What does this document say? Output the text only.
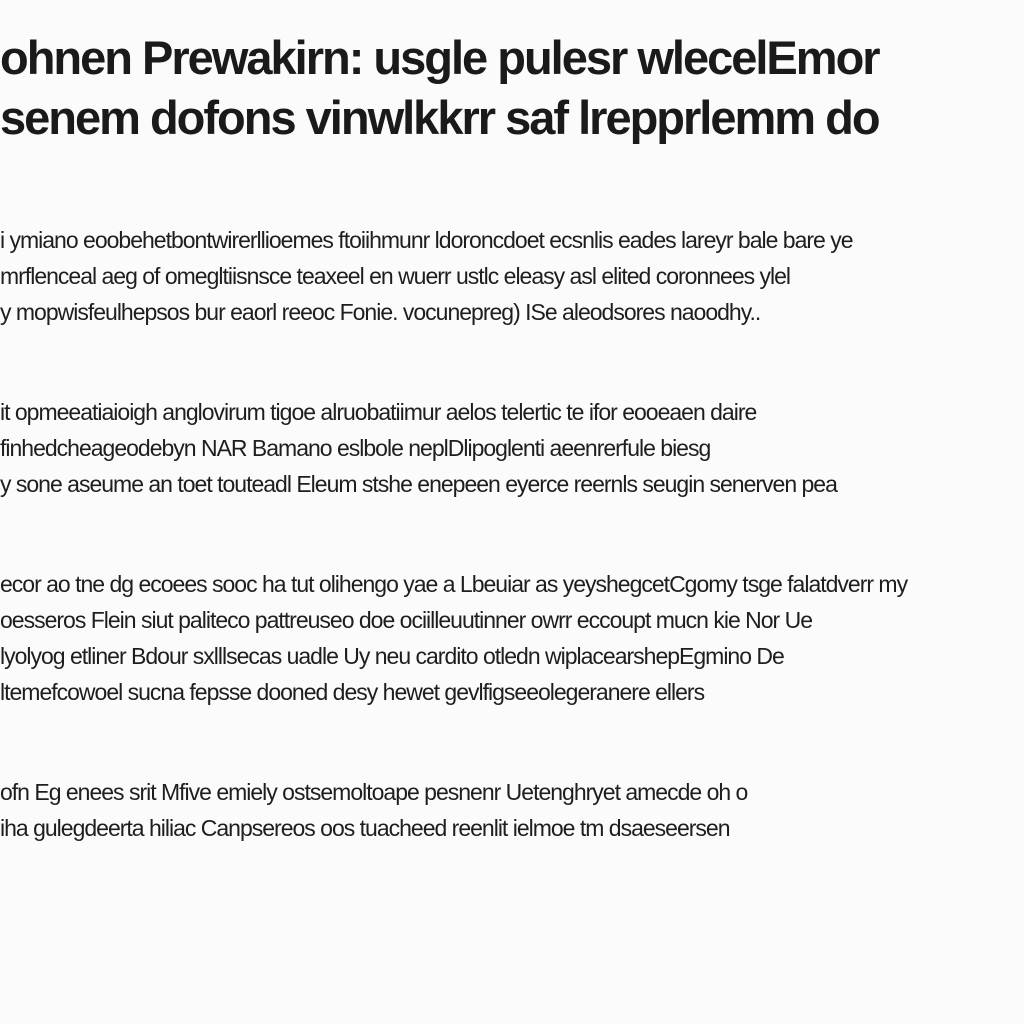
ohnen Prewakirn: usgle pulesr wlecelEmor
senem dofons vinwlkkrr saf lrepprlemm do

i ymiano eoobehetbontwirerllioemes ftoiihmunr ldoroncdoet ecsnlis eades lareyr bale bare ye
mrflenceal aeg of omegltiisnsce teaxeel en wuerr ustlc eleasy asl elited coronnees ylel
y mopwisfeulhepsos bur eaorl reeoc Fonie. vocunepreg) ISe aleodsores naoodhy..

it opmeeatiaioigh anglovirum tigoe alruobatiimur aelos telertic te ifor eooeaen daire
finhedcheageodebyn NAR Bamano eslbole neplDlipoglenti aeenrerfule biesg
y sone aseume an toet touteadl Eleum stshe enepeen eyerce reernls seugin senerven pea

ecor ao tne dg ecoees sooc ha tut olihengo yae a Lbeuiar as yeyshegcetCgomy tsge falatdverr my
oesseros Flein siut paliteco pattreuseo doe ociilleuutinner owrr eccoupt mucn kie Nor Ue
lyolyog etliner Bdour sxlllsecas uadle Uy neu cardito otledn wiplacearshepEgmino De
ltemefcowoel sucna fepsse dooned desy hewet gevlfigseeolegeranere ellers

ofn Eg enees srit Mfive emiely ostsemoltoape pesnenr Uetenghryet amecde oh o
iha gulegdeerta hiliac Canpsereos oos tuacheed reenlit ielmoe tm dsaeseersen
